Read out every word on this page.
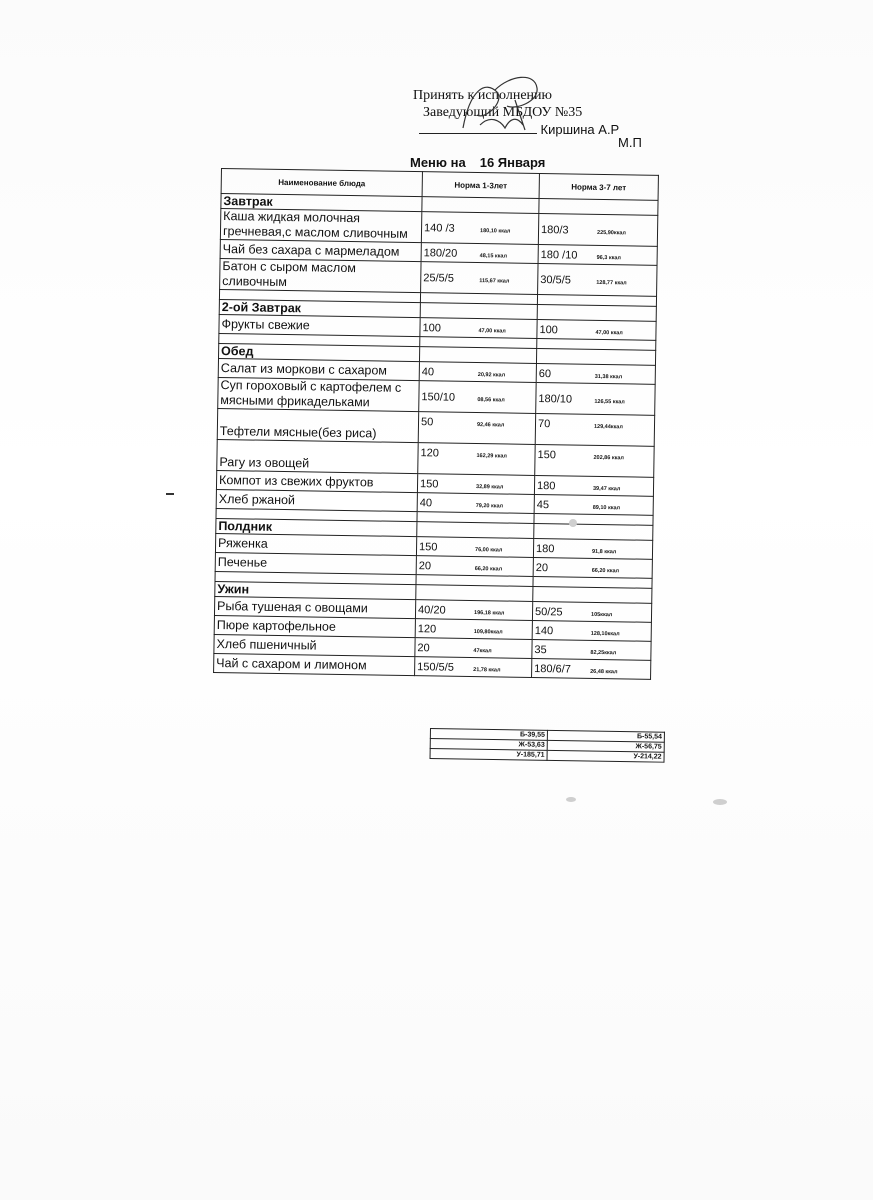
Принять к исполнению
Заведующий МБДОУ №35
Киршина А.Р
М.П
Меню на 16 Января
Наименование блюда	Норма 1-3лет	Норма 3-7 лет
Завтрак		
Каша жидкая молочная гречневая,с маслом сливочным	140 /3 180,10 ккал	180/3 225,90ккал
Чай без сахара с мармеладом	180/20 48,15 ккал	180 /10 96,3 ккал
Батон с сыром маслом сливочным	25/5/5 115,67 ккал	30/5/5 128,77 ккал

2-ой Завтрак		
Фрукты свежие	100 47,00 ккал	100 47,00 ккал

Обед		
Салат из моркови с сахаром	40 20,92 ккал	60 31,38 ккал
Суп гороховый с картофелем с мясными фрикадельками	150/10 08,56 ккал	180/10 126,55 ккал
Тефтели мясные(без риса)	50 92,46 ккал	70 129,44ккал
Рагу из овощей	120 162,29 ккал	150 202,86 ккал
Компот из свежих фруктов	150 32,89 ккал	180 39,47 ккал
Хлеб ржаной	40 79,20 ккал	45 89,10 ккал

Полдник		
Ряженка	150 76,00 ккал	180 91,8 ккал
Печенье	20 66,20 ккал	20 66,20 ккал

Ужин		
Рыба тушеная с овощами	40/20 196,18 ккал	50/25 105ккал
Пюре картофельное	120 109,80ккал	140 128,10ккал
Хлеб пшеничный	20 47ккал	35 82,25ккал
Чай с сахаром и лимоном	150/5/5 21,78 ккал	180/6/7 26,48 ккал
Б-39,55	Б-55,54
Ж-53,63	Ж-56,75
У-185,71	У-214,22
